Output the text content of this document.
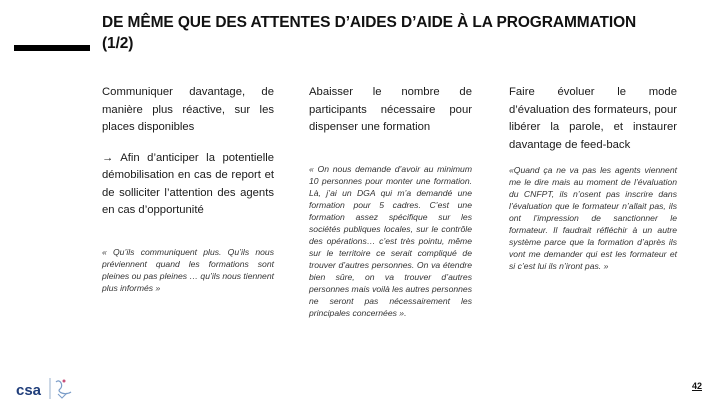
DE MÊME QUE DES ATTENTES D’AIDES D’AIDE À LA PROGRAMMATION (1/2)

Communiquer davantage, de manière plus réactive, sur les places disponibles

→ Afin d’anticiper la potentielle démobilisation en cas de report et de solliciter l’attention des agents en cas d’opportunité

« Qu’ils communiquent plus. Qu’ils nous préviennent quand les formations sont pleines ou pas pleines … qu’ils nous tiennent plus informés »

Abaisser le nombre de participants nécessaire pour dispenser une formation

« On nous demande d’avoir au minimum 10 personnes pour monter une formation. Là, j’ai un DGA qui m’a demandé une formation pour 5 cadres. C’est une formation assez spécifique sur les sociétés publiques locales, sur le contrôle des opérations… c’est très pointu, même sur le territoire ce serait compliqué de trouver d’autres personnes. On va étendre bien sûre, on va trouver d’autres personnes mais voilà les autres personnes ne seront pas nécessairement les principales concernées ».

Faire évoluer le mode d’évaluation des formateurs, pour libérer la parole, et instaurer davantage de feed-back

«Quand ça ne va pas les agents viennent me le dire mais au moment de l’évaluation du CNFPT, ils n’osent pas inscrire dans l’évaluation que le formateur n’allait pas, ils ont l’impression de sanctionner le formateur. Il faudrait réfléchir à un autre système parce que la formation d’après ils vont me demander qui est les formateur et si c’est lui ils n’iront pas. »

csa	42
